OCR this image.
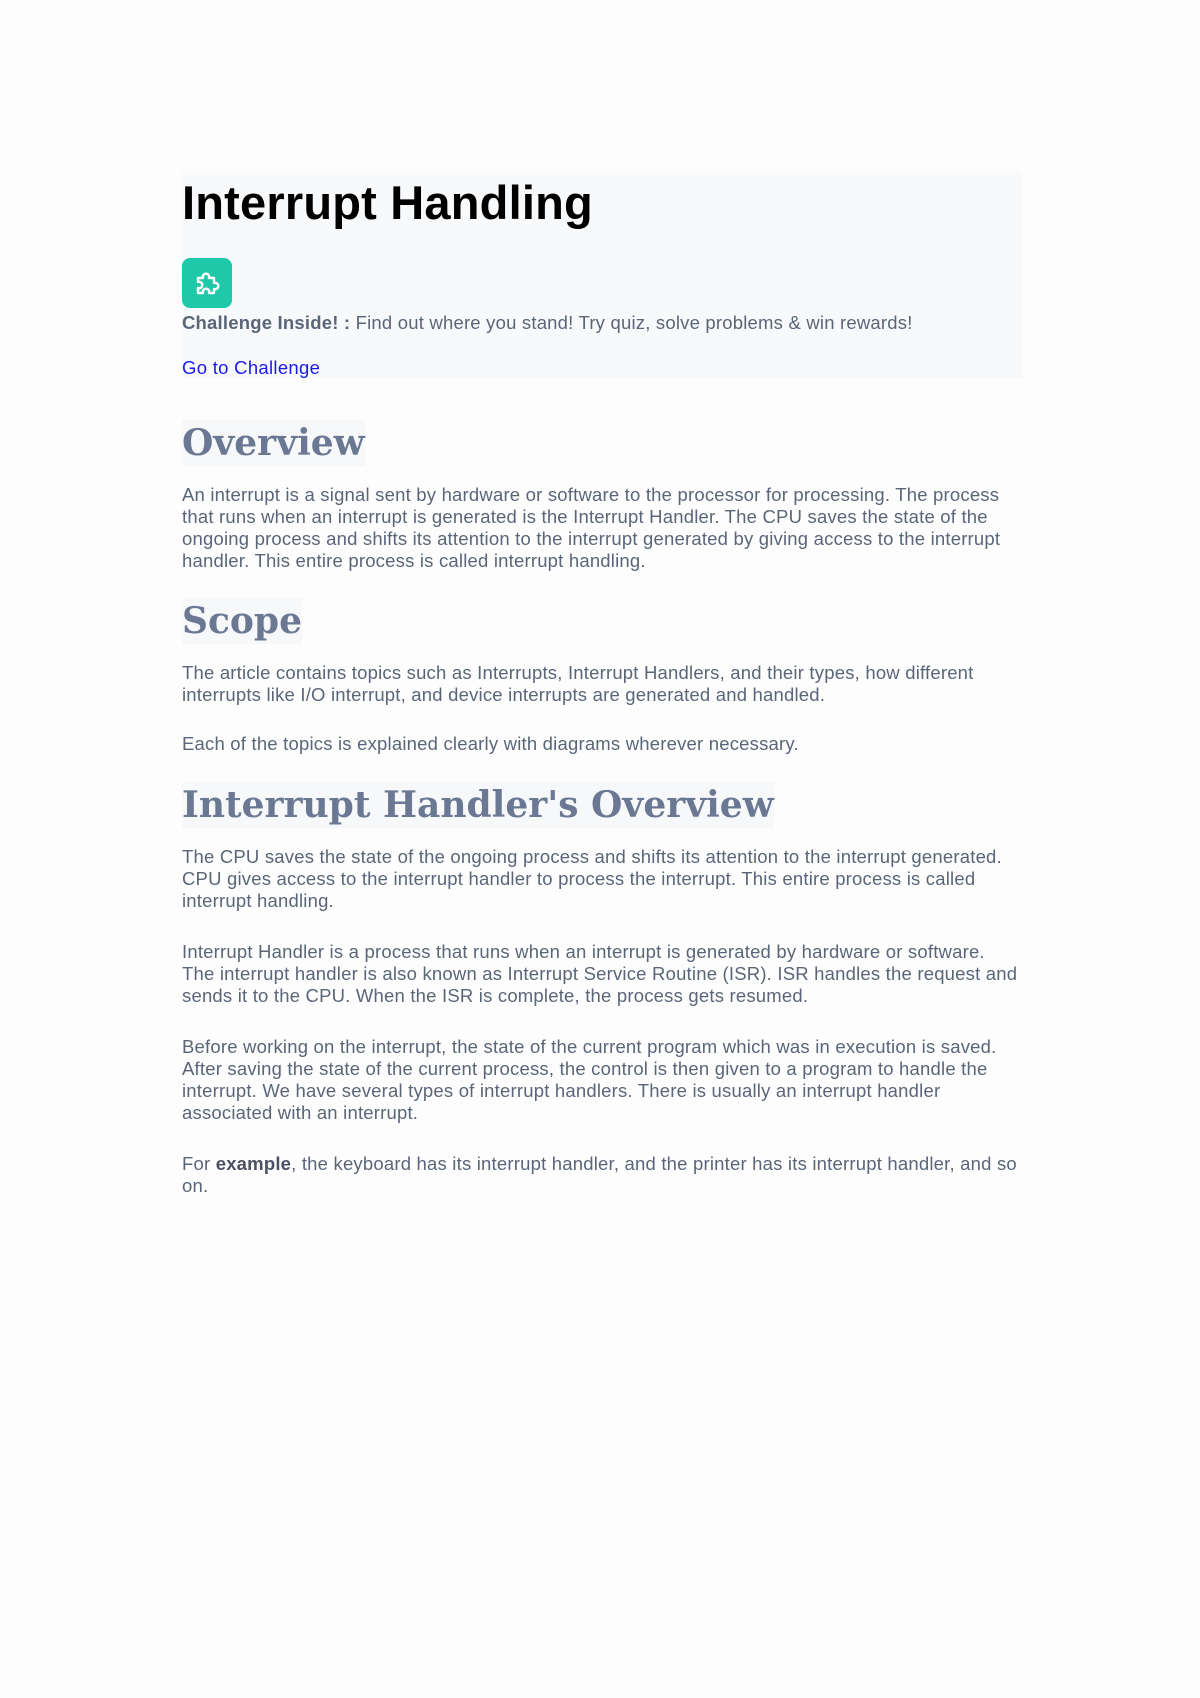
Interrupt Handling
Challenge Inside! : Find out where you stand! Try quiz, solve problems & win rewards!
Go to Challenge
Overview

An interrupt is a signal sent by hardware or software to the processor for processing. The process that runs when an interrupt is generated is the Interrupt Handler. The CPU saves the state of the ongoing process and shifts its attention to the interrupt generated by giving access to the interrupt handler. This entire process is called interrupt handling.

Scope

The article contains topics such as Interrupts, Interrupt Handlers, and their types, how different interrupts like I/O interrupt, and device interrupts are generated and handled.

Each of the topics is explained clearly with diagrams wherever necessary.

Interrupt Handler's Overview

The CPU saves the state of the ongoing process and shifts its attention to the interrupt generated. CPU gives access to the interrupt handler to process the interrupt. This entire process is called interrupt handling.

Interrupt Handler is a process that runs when an interrupt is generated by hardware or software. The interrupt handler is also known as Interrupt Service Routine (ISR). ISR handles the request and sends it to the CPU. When the ISR is complete, the process gets resumed.

Before working on the interrupt, the state of the current program which was in execution is saved. After saving the state of the current process, the control is then given to a program to handle the interrupt. We have several types of interrupt handlers. There is usually an interrupt handler associated with an interrupt.

For example, the keyboard has its interrupt handler, and the printer has its interrupt handler, and so on.
